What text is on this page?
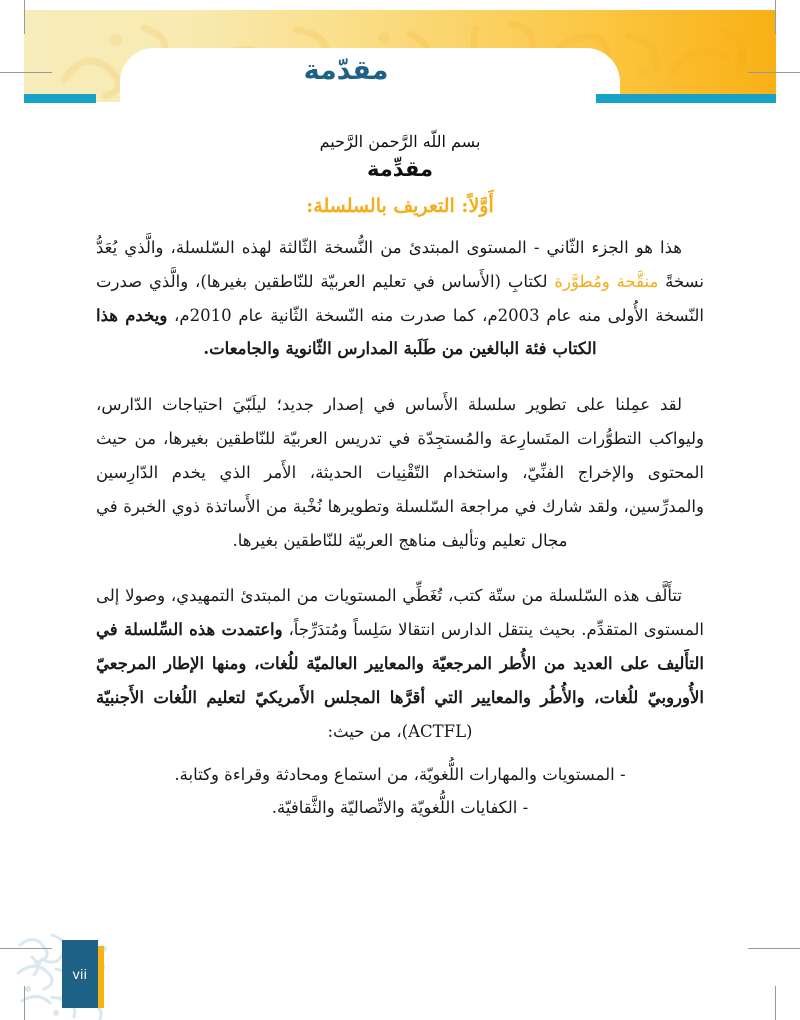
مقدّمة
بسم اللّه الرَّحمن الرَّحيم
مقدِّمة
أَوَّلاً: التعريف بالسلسلة:

هذا هو الجزء الثّاني - المستوى المبتدئ من النُّسخة الثّالثة لهذه السّلسلة، والَّذي يُعَدُّ نسخةً منقَّحة ومُطوَّرة لكتابِ (الأَساس في تعليم العربيّة للنّاطقين بغيرها)، والَّذي صدرت النّسخة الأُولى منه عام 2003م، كما صدرت منه النّسخة الثّانية عام 2010م، ويخدم هذا الكتاب فئة البالغين من طَلَبة المدارس الثّانوية والجامعات.

لقد عمِلنا على تطوير سلسلة الأَساس في إصدار جديد؛ ليلَبّيَ احتياجات الدّارس، وليواكب التطوُّرات المتَسارِعة والمُستجِدّة في تدريس العربيّة للنّاطقين بغيرها، من حيث المحتوى والإخراج الفنِّيّ، واستخدام التّقْنِيات الحديثة، الأَمر الذي يخدم الدّارِسين والمدرِّسين، ولقد شارك في مراجعة السّلسلة وتطويرها نُخْبة من الأَساتذة ذوي الخبرة في مجال تعليم وتأليف مناهج العربيّة للنّاطقين بغيرها.

تتأَلَّف هذه السّلسلة من ستّة كتب، تُغَطِّي المستويات من المبتدئ التمهيدي، وصولا إلى المستوى المتقدِّم. بحيث ينتقل الدارس انتقالا سَلِساً ومُتدَرِّجاً، واعتمدت هذه السِّلسلة في التأَليف على العديد من الأُطر المرجعيّة والمعايير العالميّة للُغات، ومنها الإطار المرجعيّ الأُوروبيّ للُغات، والأُطُر والمعايير التي أقرَّها المجلس الأَمريكيّ لتعليم اللُغات الأَجنبيّة (ACTFL)، من حيث:

- المستويات والمهارات اللُّغويّة، من استماع ومحادثة وقراءة وكتابة.
- الكفايات اللُّغويّة والاتِّصاليّة والثَّقافيّة.
vii
